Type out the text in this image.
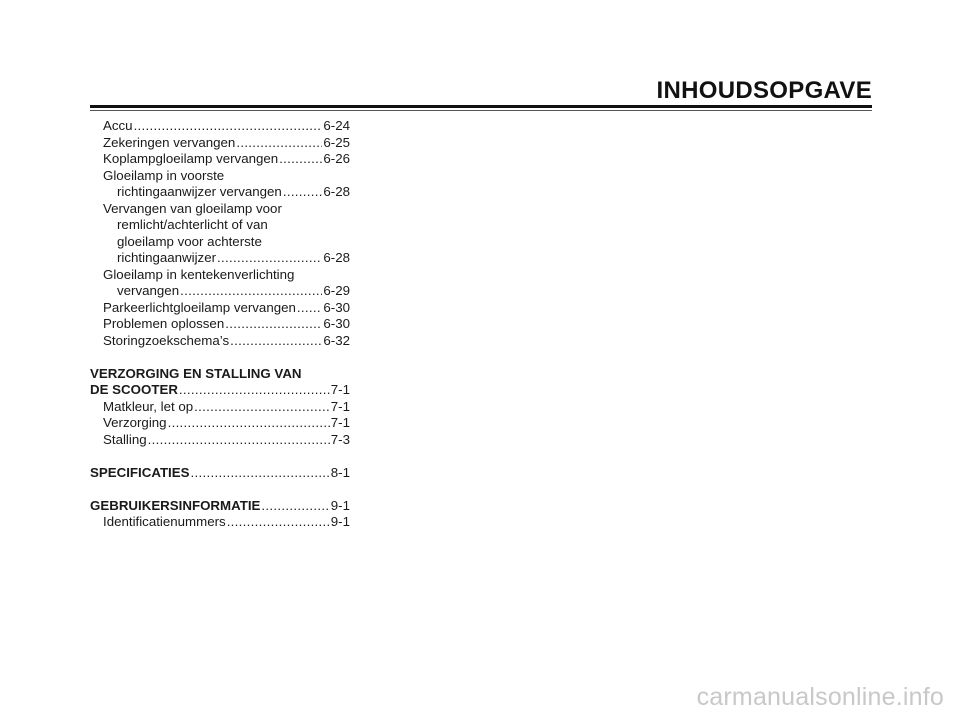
INHOUDSOPGAVE
Accu .....	6-24
Zekeringen vervangen .....	6-25
Koplampgloeilamp vervangen .....	6-26
Gloeilamp in voorste
richtingaanwijzer vervangen .....	6-28
Vervangen van gloeilamp voor
remlicht/achterlicht of van
gloeilamp voor achterste
richtingaanwijzer .....	6-28
Gloeilamp in kentekenverlichting
vervangen .....	6-29
Parkeerlichtgloeilamp vervangen ..... 6-30
Problemen oplossen .....	6-30
Storingzoekschema’s .....	6-32
VERZORGING EN STALLING VAN
DE SCOOTER .....	7-1
Matkleur, let op .....	7-1
Verzorging .....	7-1
Stalling .....	7-3
SPECIFICATIES .....	8-1
GEBRUIKERSINFORMATIE .....	9-1
Identificatienummers .....	9-1
carmanualsonline.info
